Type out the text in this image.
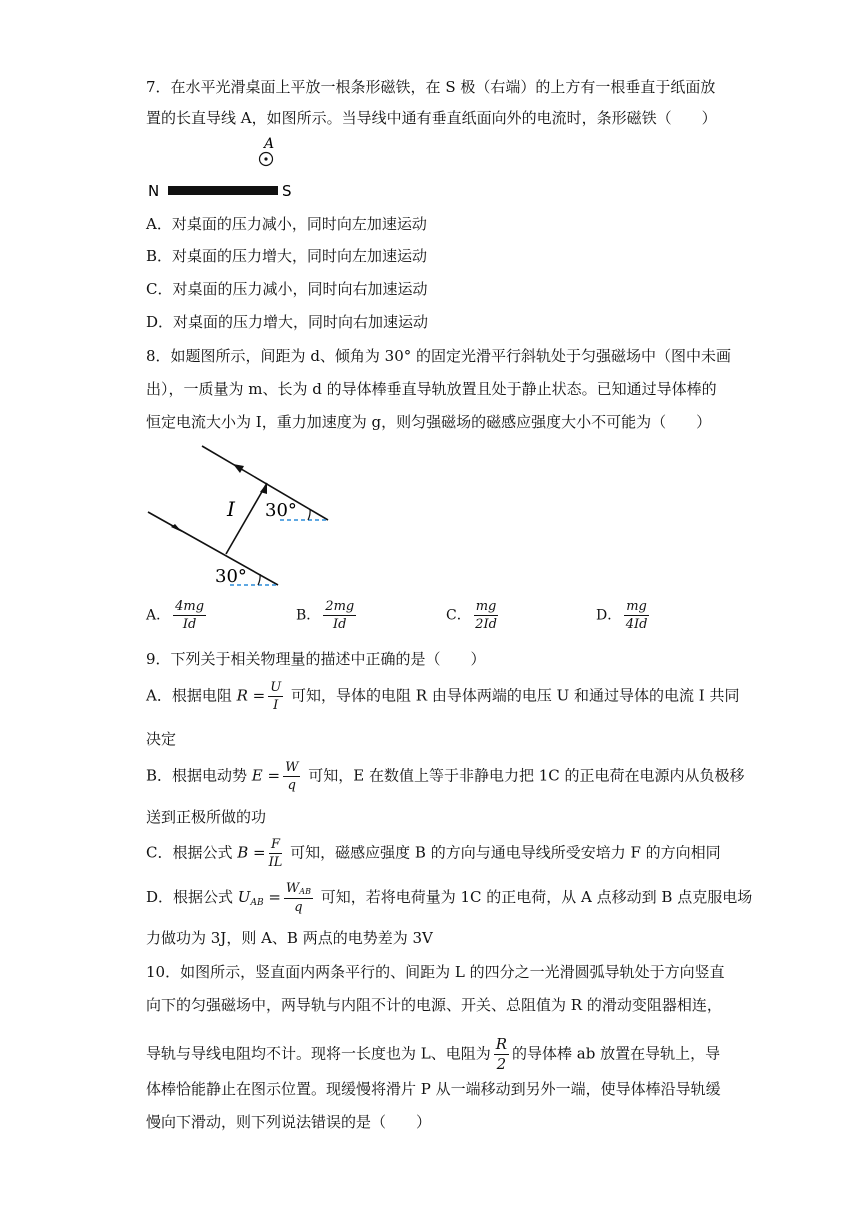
7．在水平光滑桌面上平放一根条形磁铁，在 S 极（右端）的上方有一根垂直于纸面放
置的长直导线 A，如图所示。当导线中通有垂直纸面向外的电流时，条形磁铁（　　）
A
N	S
A．对桌面的压力减小，同时向左加速运动
B．对桌面的压力增大，同时向左加速运动
C．对桌面的压力减小，同时向右加速运动
D．对桌面的压力增大，同时向右加速运动
8．如题图所示，间距为 d、倾角为 30° 的固定光滑平行斜轨处于匀强磁场中（图中未画
出），一质量为 m、长为 d 的导体棒垂直导轨放置且处于静止状态。已知通过导体棒的
恒定电流大小为 I，重力加速度为 g，则匀强磁场的磁感应强度大小不可能为（　　）
I 30°
30°
A． $\frac{4mg}{Id}$	B． $\frac{2mg}{Id}$	C． $\frac{mg}{2Id}$	D． $\frac{mg}{4Id}$
9．下列关于相关物理量的描述中正确的是（　　）
A．根据电阻 $R = \frac{U}{I}$ 可知，导体的电阻 R 由导体两端的电压 U 和通过导体的电流 I 共同
决定
B．根据电动势 $E = \frac{W}{q}$ 可知，E 在数值上等于非静电力把 1C 的正电荷在电源内从负极移
送到正极所做的功
C．根据公式 $B = \frac{F}{IL}$ 可知，磁感应强度 B 的方向与通电导线所受安培力 F 的方向相同
D．根据公式 $U_{AB} = \frac{\text{WAB}}{q}$ 可知，若将电荷量为 1C 的正电荷，从 A 点移动到 B 点克服电场
力做功为 3J，则 A、B 两点的电势差为 3V
10．如图所示，竖直面内两条平行的、间距为 L 的四分之一光滑圆弧导轨处于方向竖直
向下的匀强磁场中，两导轨与内阻不计的电源、开关、总阻值为 R 的滑动变阻器相连，
导轨与导线电阻均不计。现将一长度也为 L、电阻为 $\frac{R}{2}$ 的导体棒 ab 放置在导轨上，导
体棒恰能静止在图示位置。现缓慢将滑片 P 从一端移动到另外一端，使导体棒沿导轨缓
慢向下滑动，则下列说法错误的是（　　）
